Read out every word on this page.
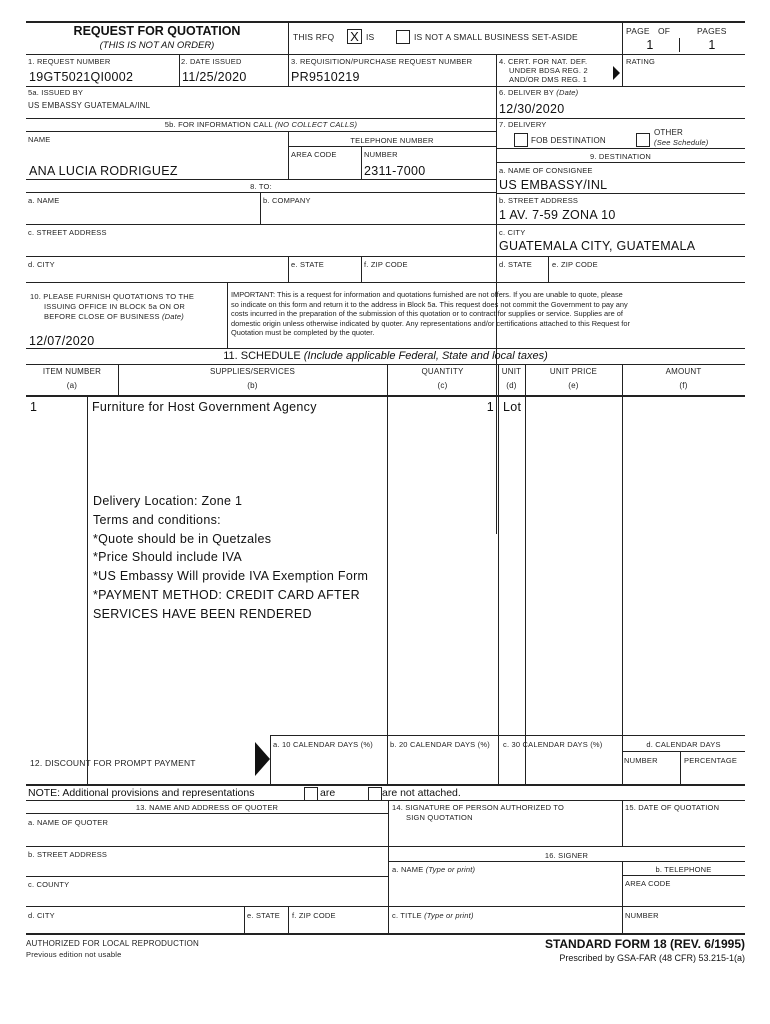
REQUEST FOR QUOTATION
(THIS IS NOT AN ORDER)
THIS RFQ X IS	IS NOT A SMALL BUSINESS SET-ASIDE
PAGE OF	PAGES
1	1
1. REQUEST NUMBER
19GT5021QI0002
2. DATE ISSUED
11/25/2020
3. REQUISITION/PURCHASE REQUEST NUMBER
PR9510219
4. CERT. FOR NAT. DEF.
UNDER BDSA REG. 2
AND/OR DMS REG. 1
RATING
5a. ISSUED BY
US EMBASSY GUATEMALA/INL
6. DELIVER BY (Date)
12/30/2020
5b. FOR INFORMATION CALL (NO COLLECT CALLS)
NAME	TELEPHONE NUMBER
AREA CODE	NUMBER
ANA LUCIA RODRIGUEZ	2311-7000
7. DELIVERY
FOB DESTINATION
OTHER
(See Schedule)
9. DESTINATION
a. NAME OF CONSIGNEE
US EMBASSY/INL
8. TO:
a. NAME	b. COMPANY	b. STREET ADDRESS
1 AV. 7-59 ZONA 10
c. STREET ADDRESS	c. CITY
GUATEMALA CITY, GUATEMALA
d. CITY	e. STATE	f. ZIP CODE	d. STATE	e. ZIP CODE
10. PLEASE FURNISH QUOTATIONS TO THE
ISSUING OFFICE IN BLOCK 5a ON OR
BEFORE CLOSE OF BUSINESS (Date)
12/07/2020
IMPORTANT: This is a request for information and quotations furnished are not offers. If you are unable to quote, please
so indicate on this form and return it to the address in Block 5a. This request does not commit the Government to pay any
costs incurred in the preparation of the submission of this quotation or to contract for supplies or service. Supplies are of
domestic origin unless otherwise indicated by quoter. Any representations and/or certifications attached to this Request for
Quotation must be completed by the quoter.
11. SCHEDULE (Include applicable Federal, State and local taxes)
ITEM NUMBER
(a)
SUPPLIES/SERVICES
(b)
QUANTITY
(c)
UNIT
(d)
UNIT PRICE
(e)
AMOUNT
(f)
1	Furniture for Host Government Agency	1 Lot
Delivery Location: Zone 1
Terms and conditions:
*Quote should be in Quetzales
*Price Should include IVA
*US Embassy Will provide IVA Exemption Form
*PAYMENT METHOD: CREDIT CARD AFTER
SERVICES HAVE BEEN RENDERED
12. DISCOUNT FOR PROMPT PAYMENT
a. 10 CALENDAR DAYS (%) b. 20 CALENDAR DAYS (%) c. 30 CALENDAR DAYS (%)	d. CALENDAR DAYS
NUMBER	PERCENTAGE
NOTE: Additional provisions and representations	are	are not attached.
13. NAME AND ADDRESS OF QUOTER
a. NAME OF QUOTER
14. SIGNATURE OF PERSON AUTHORIZED TO
SIGN QUOTATION
15. DATE OF QUOTATION
b. STREET ADDRESS	16. SIGNER
a. NAME (Type or print)	b. TELEPHONE
AREA CODE
c. COUNTY
d. CITY	e. STATE f. ZIP CODE	c. TITLE (Type or print)	NUMBER
AUTHORIZED FOR LOCAL REPRODUCTION
Previous edition not usable
STANDARD FORM 18 (REV. 6/1995)
Prescribed by GSA-FAR (48 CFR) 53.215-1(a)
